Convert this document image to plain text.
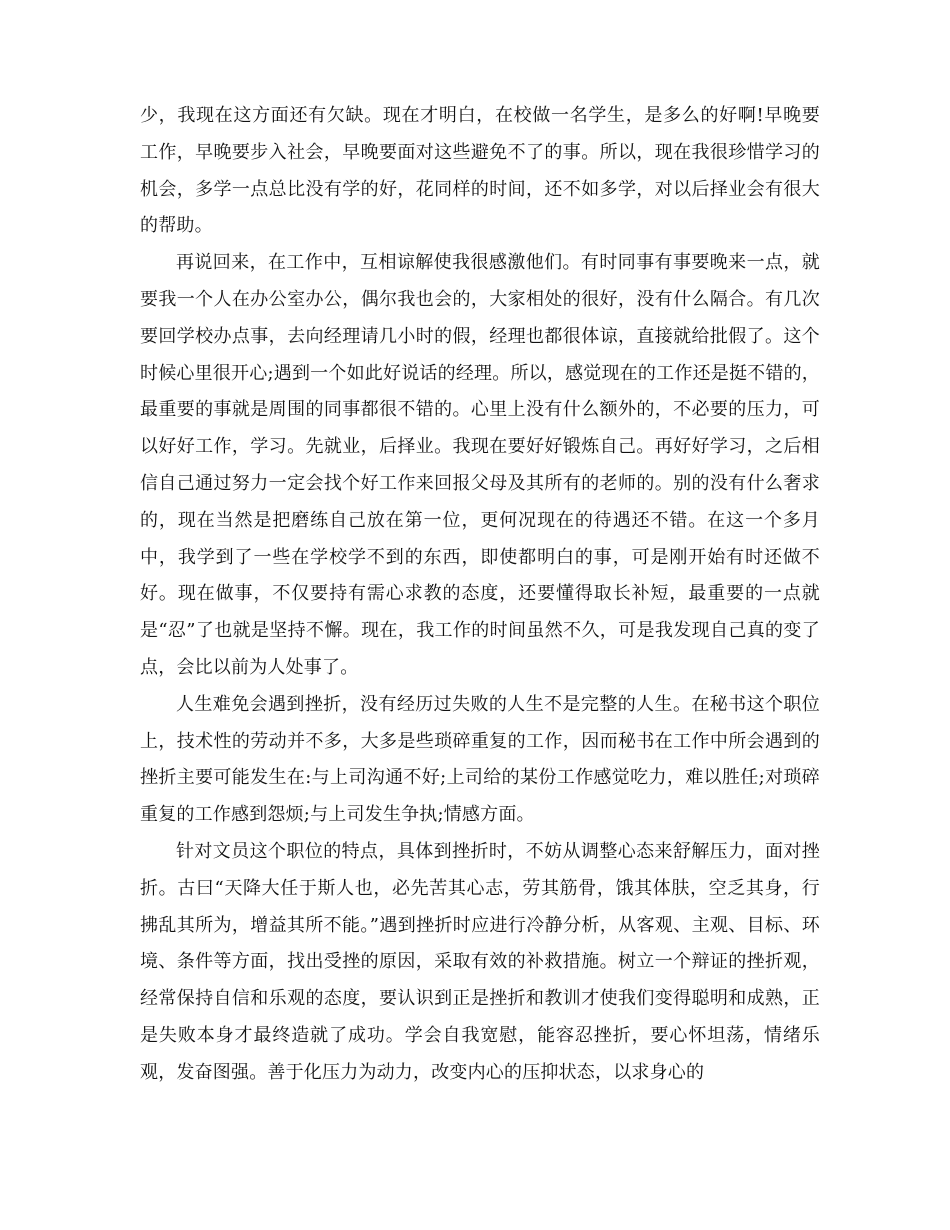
少，我现在这方面还有欠缺。现在才明白，在校做一名学生，是多么的好啊!早晚要工作，早晚要步入社会，早晚要面对这些避免不了的事。所以，现在我很珍惜学习的机会，多学一点总比没有学的好，花同样的时间，还不如多学，对以后择业会有很大的帮助。

再说回来，在工作中，互相谅解使我很感激他们。有时同事有事要晚来一点，就要我一个人在办公室办公，偶尔我也会的，大家相处的很好，没有什么隔合。有几次要回学校办点事，去向经理请几小时的假，经理也都很体谅，直接就给批假了。这个时候心里很开心;遇到一个如此好说话的经理。所以，感觉现在的工作还是挺不错的，最重要的事就是周围的同事都很不错的。心里上没有什么额外的，不必要的压力，可以好好工作，学习。先就业，后择业。我现在要好好锻炼自己。再好好学习，之后相信自己通过努力一定会找个好工作来回报父母及其所有的老师的。别的没有什么奢求的，现在当然是把磨练自己放在第一位，更何况现在的待遇还不错。在这一个多月中，我学到了一些在学校学不到的东西，即使都明白的事，可是刚开始有时还做不好。现在做事，不仅要持有需心求教的态度，还要懂得取长补短，最重要的一点就是“忍”了也就是坚持不懈。现在，我工作的时间虽然不久，可是我发现自己真的变了点，会比以前为人处事了。

人生难免会遇到挫折，没有经历过失败的人生不是完整的人生。在秘书这个职位上，技术性的劳动并不多，大多是些琐碎重复的工作，因而秘书在工作中所会遇到的挫折主要可能发生在:与上司沟通不好;上司给的某份工作感觉吃力，难以胜任;对琐碎重复的工作感到怨烦;与上司发生争执;情感方面。

针对文员这个职位的特点，具体到挫折时，不妨从调整心态来舒解压力，面对挫折。古曰“天降大任于斯人也，必先苦其心志，劳其筋骨，饿其体肤，空乏其身，行拂乱其所为，增益其所不能。”遇到挫折时应进行冷静分析，从客观、主观、目标、环境、条件等方面，找出受挫的原因，采取有效的补救措施。树立一个辩证的挫折观，经常保持自信和乐观的态度，要认识到正是挫折和教训才使我们变得聪明和成熟，正是失败本身才最终造就了成功。学会自我宽慰，能容忍挫折，要心怀坦荡，情绪乐观，发奋图强。善于化压力为动力，改变内心的压抑状态，以求身心的
